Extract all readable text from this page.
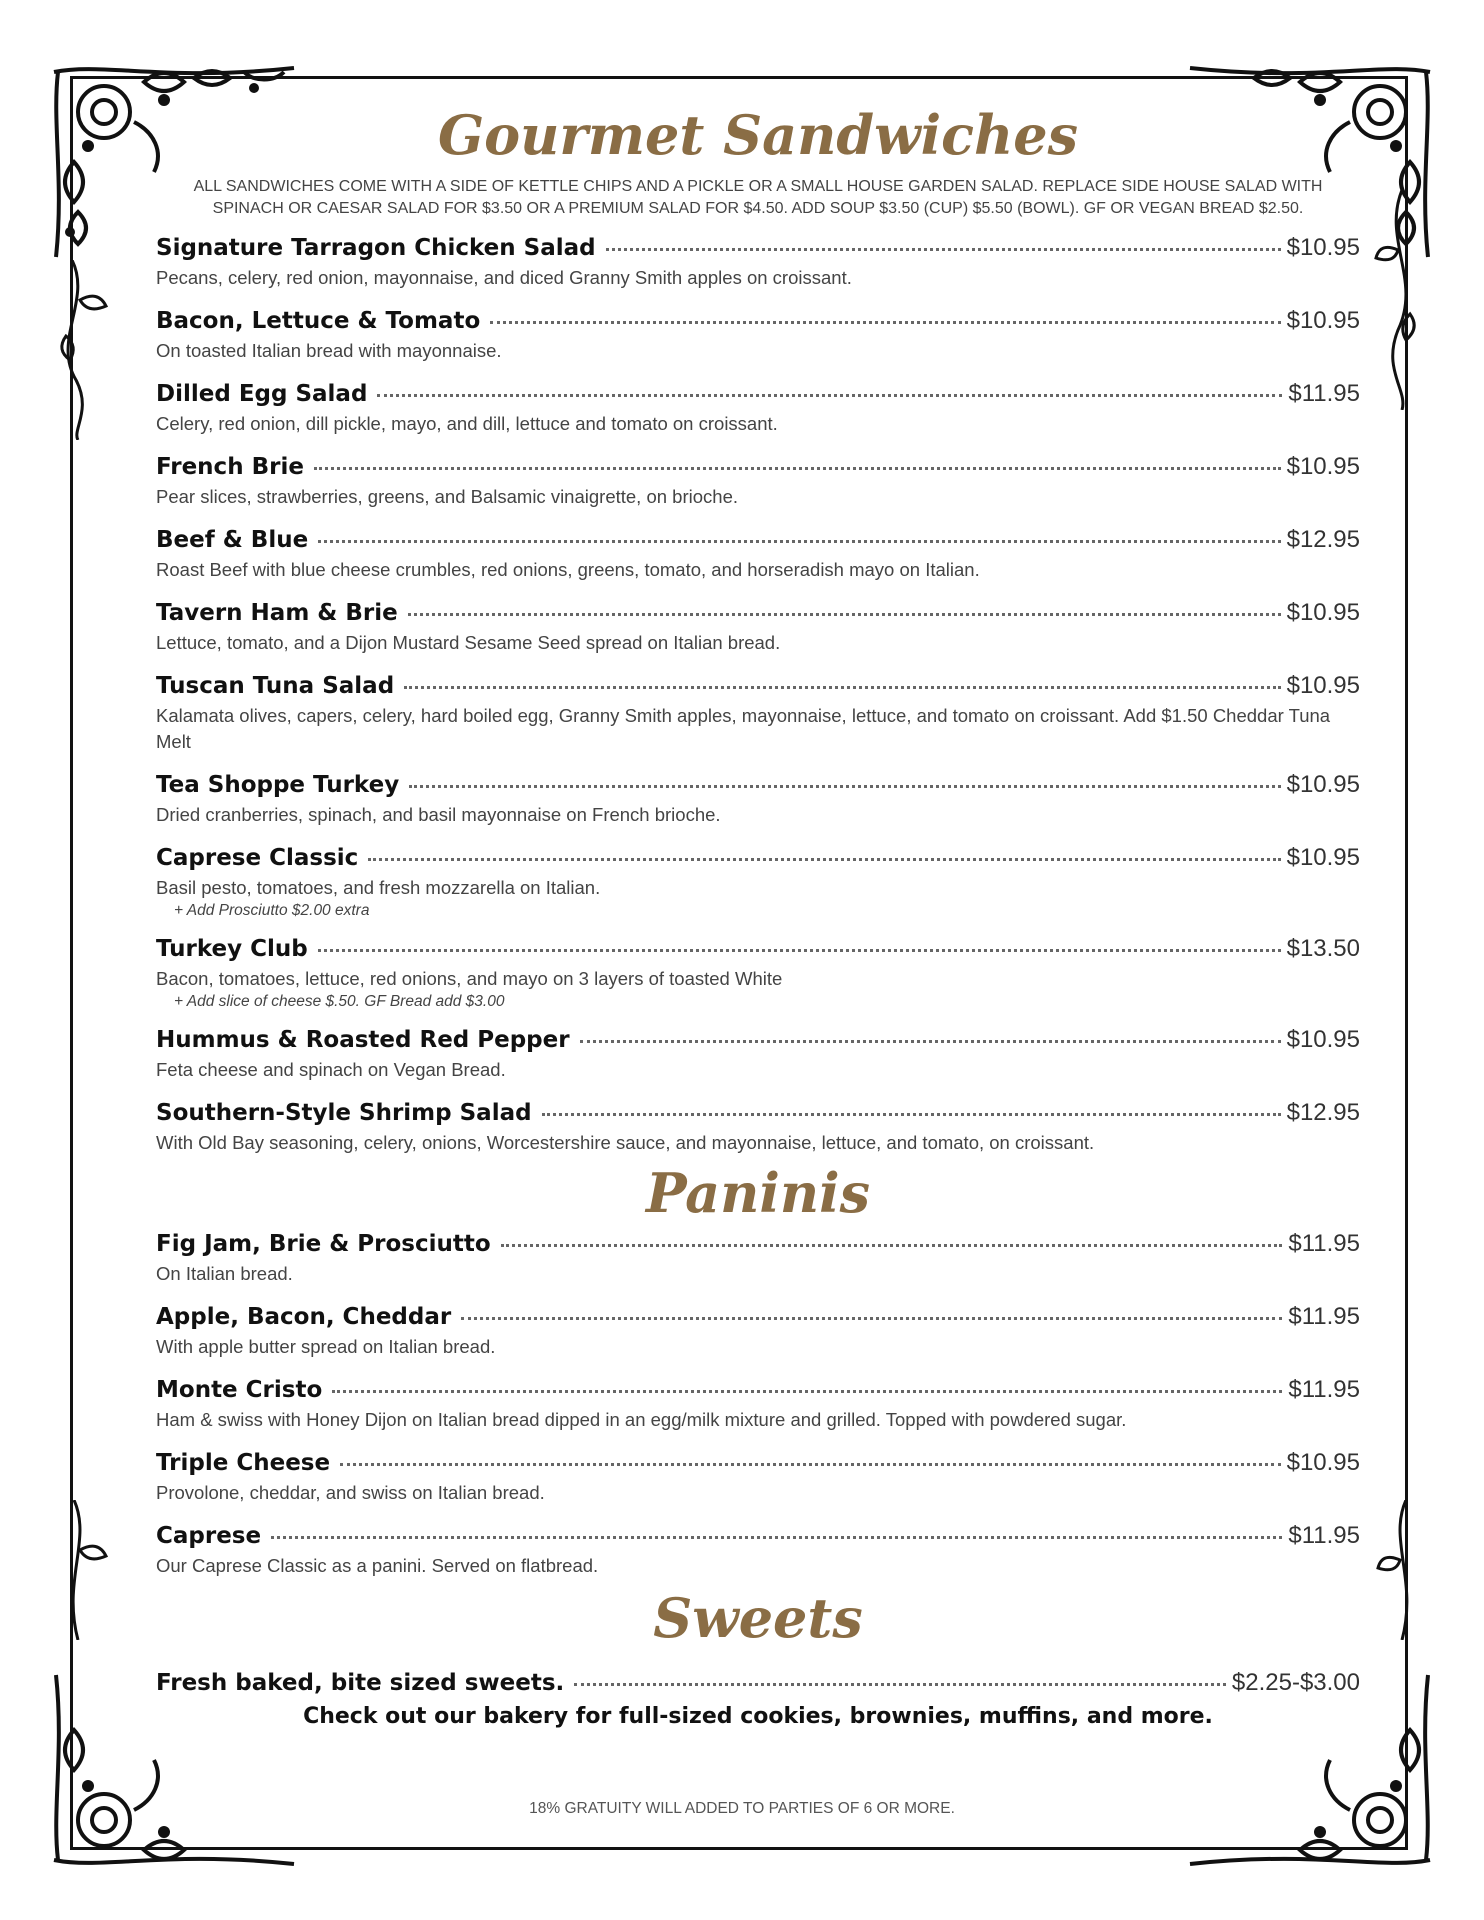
Gourmet Sandwiches
ALL SANDWICHES COME WITH A SIDE OF KETTLE CHIPS AND A PICKLE OR A SMALL HOUSE GARDEN SALAD. REPLACE SIDE HOUSE SALAD WITH SPINACH OR CAESAR SALAD FOR $3.50 OR A PREMIUM SALAD FOR $4.50. ADD SOUP $3.50 (CUP) $5.50 (BOWL). GF OR VEGAN BREAD $2.50.
Signature Tarragon Chicken Salad	$10.95
Pecans, celery, red onion, mayonnaise, and diced Granny Smith apples on croissant.
Bacon, Lettuce & Tomato	$10.95
On toasted Italian bread with mayonnaise.
Dilled Egg Salad	$11.95
Celery, red onion, dill pickle, mayo, and dill, lettuce and tomato on croissant.
French Brie	$10.95
Pear slices, strawberries, greens, and Balsamic vinaigrette, on brioche.
Beef & Blue	$12.95
Roast Beef with blue cheese crumbles, red onions, greens, tomato, and horseradish mayo on Italian.
Tavern Ham & Brie	$10.95
Lettuce, tomato, and a Dijon Mustard Sesame Seed spread on Italian bread.
Tuscan Tuna Salad	$10.95
Kalamata olives, capers, celery, hard boiled egg, Granny Smith apples, mayonnaise, lettuce, and tomato on croissant. Add $1.50 Cheddar Tuna Melt
Tea Shoppe Turkey	$10.95
Dried cranberries, spinach, and basil mayonnaise on French brioche.
Caprese Classic	$10.95
Basil pesto, tomatoes, and fresh mozzarella on Italian.
+ Add Prosciutto $2.00 extra
Turkey Club	$13.50
Bacon, tomatoes, lettuce, red onions, and mayo on 3 layers of toasted White
+ Add slice of cheese $.50. GF Bread add $3.00
Hummus & Roasted Red Pepper	$10.95
Feta cheese and spinach on Vegan Bread.
Southern-Style Shrimp Salad	$12.95
With Old Bay seasoning, celery, onions, Worcestershire sauce, and mayonnaise, lettuce, and tomato, on croissant.
Paninis
Fig Jam, Brie & Prosciutto	$11.95
On Italian bread.
Apple, Bacon, Cheddar	$11.95
With apple butter spread on Italian bread.
Monte Cristo	$11.95
Ham & swiss with Honey Dijon on Italian bread dipped in an egg/milk mixture and grilled. Topped with powdered sugar.
Triple Cheese	$10.95
Provolone, cheddar, and swiss on Italian bread.
Caprese	$11.95
Our Caprese Classic as a panini. Served on flatbread.
Sweets
Fresh baked, bite sized sweets.	$2.25-$3.00
Check out our bakery for full-sized cookies, brownies, muffins, and more.
18% GRATUITY WILL ADDED TO PARTIES OF 6 OR MORE.
